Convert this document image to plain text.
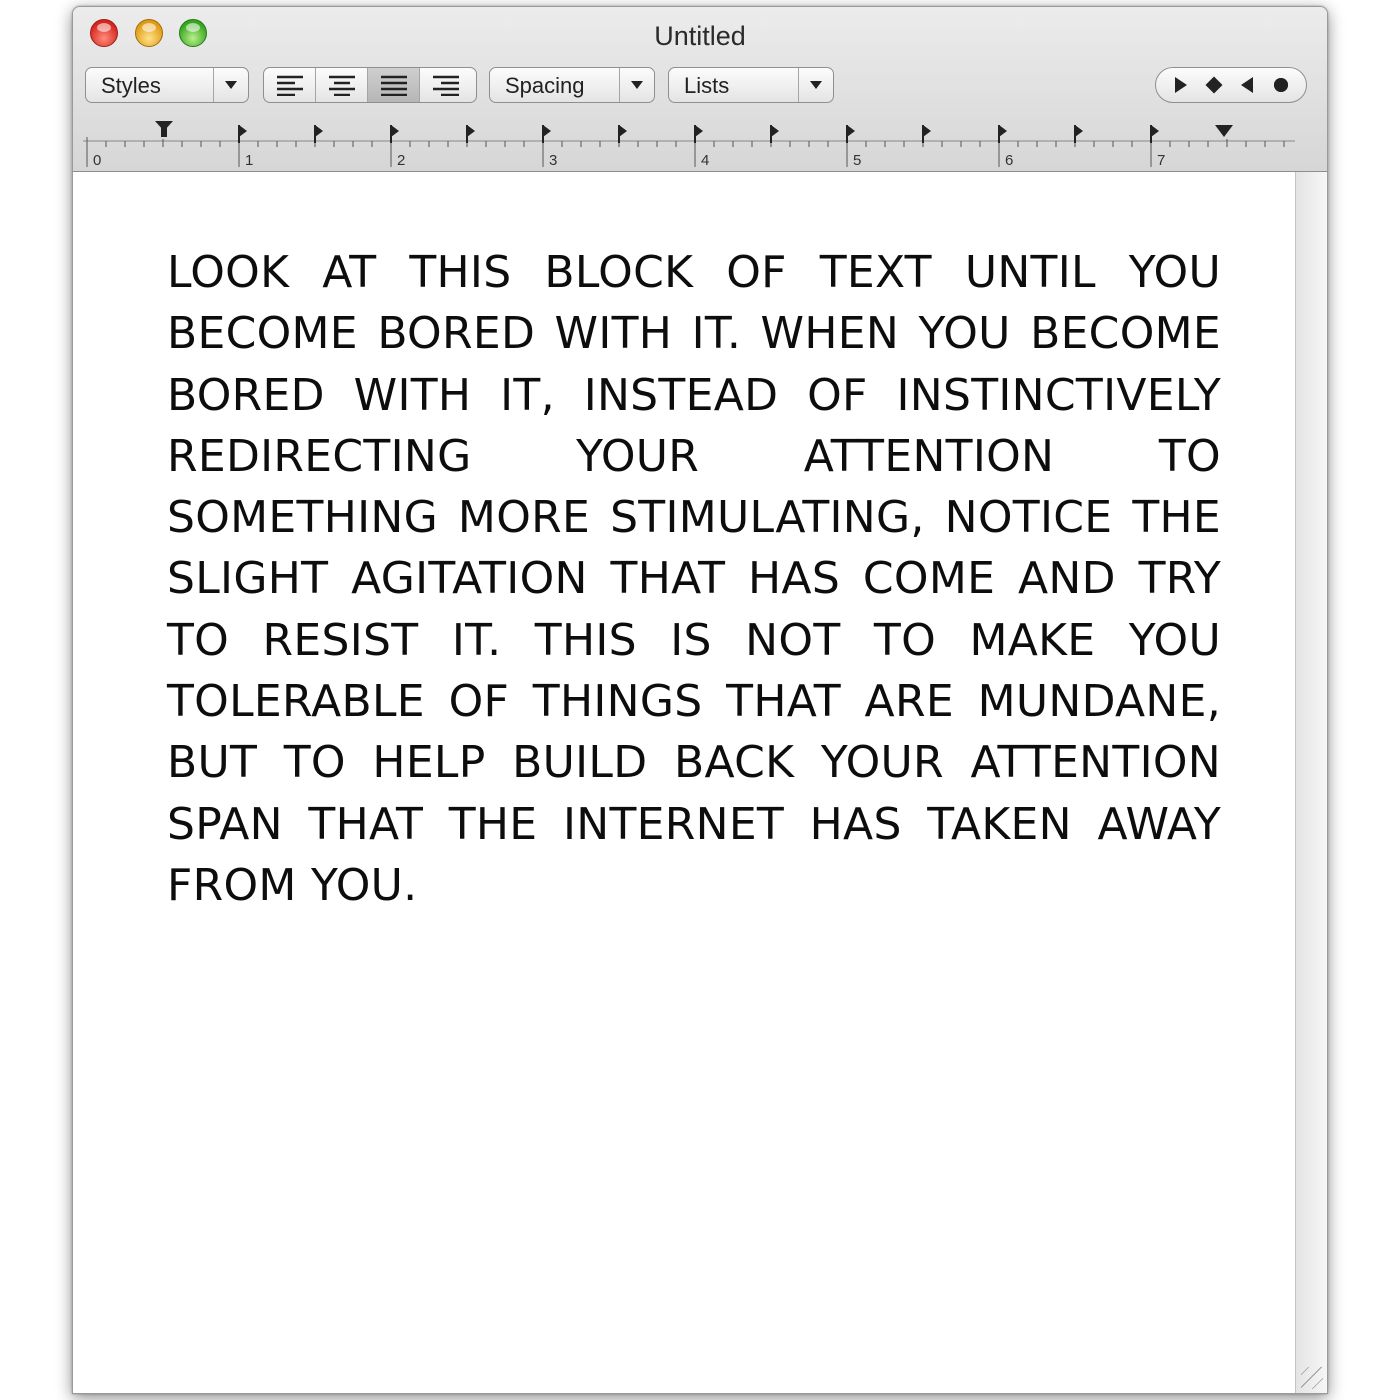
Untitled
Styles	Spacing	Lists
0	1	2	3	4	5	6	7
LOOK AT THIS BLOCK OF TEXT UNTIL YOU BECOME BORED WITH IT. WHEN YOU BECOME BORED WITH IT, INSTEAD OF INSTINCTIVELY REDIRECTING YOUR ATTENTION TO SOMETHING MORE STIMULATING, NOTICE THE SLIGHT AGITATION THAT HAS COME AND TRY TO RESIST IT. THIS IS NOT TO MAKE YOU TOLERABLE OF THINGS THAT ARE MUNDANE, BUT TO HELP BUILD BACK YOUR ATTENTION SPAN THAT THE INTERNET HAS TAKEN AWAY FROM YOU.
